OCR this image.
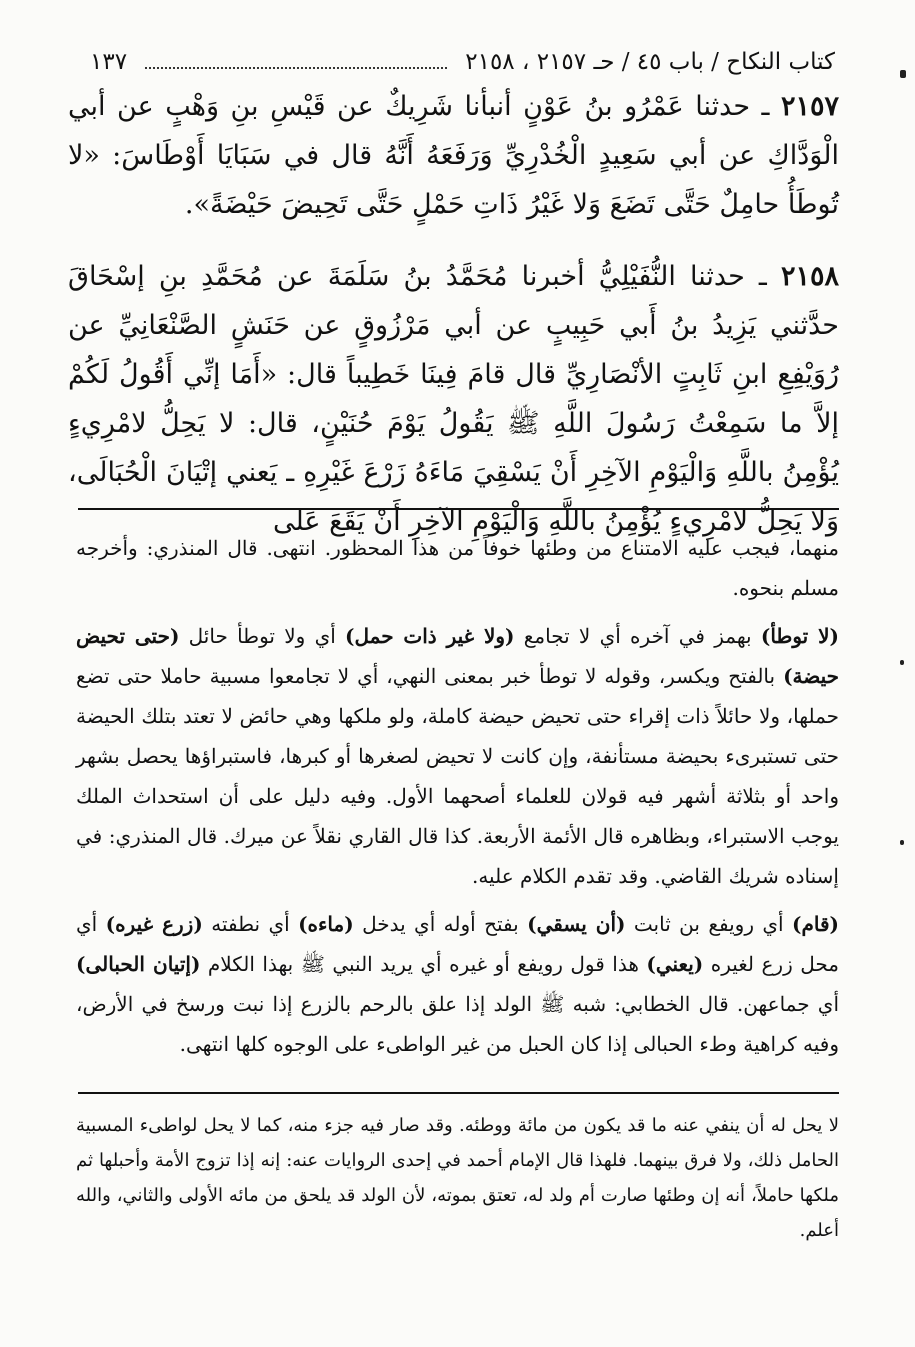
كتاب النكاح / باب ٤٥ / حـ ٢١٥٧ ، ٢١٥٨
١٣٧
٢١٥٧ ـ حدثنا عَمْرُو بنُ عَوْنٍ أنبأنا شَرِيكٌ عن قَيْسِ بنِ وَهْبٍ عن أبي الْوَدَّاكِ عن أبي سَعِيدٍ الْخُدْرِيِّ وَرَفَعَهُ أَنَّهُ قال في سَبَايَا أَوْطَاسَ: «لا تُوطَأُ حامِلٌ حَتَّى تَضَعَ وَلا غَيْرُ ذَاتِ حَمْلٍ حَتَّى تَحِيضَ حَيْضَةً».
٢١٥٨ ـ حدثنا النُّفَيْلِيُّ أخبرنا مُحَمَّدُ بنُ سَلَمَةَ عن مُحَمَّدِ بنِ إسْحَاقَ حدَّثني يَزِيدُ بنُ أَبي حَبِيبٍ عن أبي مَرْزُوقٍ عن حَنَشٍ الصَّنْعَانِيِّ عن رُوَيْفِعِ ابنِ ثَابِتٍ الأنْصَارِيِّ قال قامَ فِينَا خَطِيباً قال: «أَمَا إنِّي أَقُولُ لَكُمْ إلاَّ ما سَمِعْتُ رَسُولَ اللَّهِ ﷺ يَقُولُ يَوْمَ حُنَيْنٍ، قال: لا يَحِلُّ لامْرِيءٍ يُؤْمِنُ باللَّهِ وَالْيَوْمِ الآخِرِ أَنْ يَسْقِيَ مَاءَهُ زَرْعَ غَيْرِهِ ـ يَعني إتْيَانَ الْحُبَالَى، وَلا يَحِلُّ لامْرِيءٍ يُؤْمِنُ باللَّهِ وَالْيَوْمِ الآخِرِ أَنْ يَقَعَ عَلى

منهما، فيجب عليه الامتناع من وطئها خوفاً من هذا المحظور. انتهى. قال المنذري: وأخرجه مسلم بنحوه.

(لا توطأ) بهمز في آخره أي لا تجامع (ولا غير ذات حمل) أي ولا توطأ حائل (حتى تحيض حيضة) بالفتح ويكسر، وقوله لا توطأ خبر بمعنى النهي، أي لا تجامعوا مسبية حاملا حتى تضع حملها، ولا حائلاً ذات إقراء حتى تحيض حيضة كاملة، ولو ملكها وهي حائض لا تعتد بتلك الحيضة حتى تستبرىء بحيضة مستأنفة، وإن كانت لا تحيض لصغرها أو كبرها، فاستبراؤها يحصل بشهر واحد أو بثلاثة أشهر فيه قولان للعلماء أصحهما الأول. وفيه دليل على أن استحداث الملك يوجب الاستبراء، وبظاهره قال الأئمة الأربعة. كذا قال القاري نقلاً عن ميرك. قال المنذري: في إسناده شريك القاضي. وقد تقدم الكلام عليه.

(قام) أي رويفع بن ثابت (أن يسقي) بفتح أوله أي يدخل (ماءه) أي نطفته (زرع غيره) أي محل زرع لغيره (يعني) هذا قول رويفع أو غيره أي يريد النبي ﷺ بهذا الكلام (إتيان الحبالى) أي جماعهن. قال الخطابي: شبه ﷺ الولد إذا علق بالرحم بالزرع إذا نبت ورسخ في الأرض، وفيه كراهية وطء الحبالى إذا كان الحبل من غير الواطىء على الوجوه كلها انتهى.

لا يحل له أن ينفي عنه ما قد يكون من مائة ووطئه. وقد صار فيه جزء منه، كما لا يحل لواطىء المسبية الحامل ذلك، ولا فرق بينهما. فلهذا قال الإمام أحمد في إحدى الروايات عنه: إنه إذا تزوج الأمة وأحبلها ثم ملكها حاملاً، أنه إن وطئها صارت أم ولد له، تعتق بموته، لأن الولد قد يلحق من مائه الأولى والثاني، والله أعلم.
